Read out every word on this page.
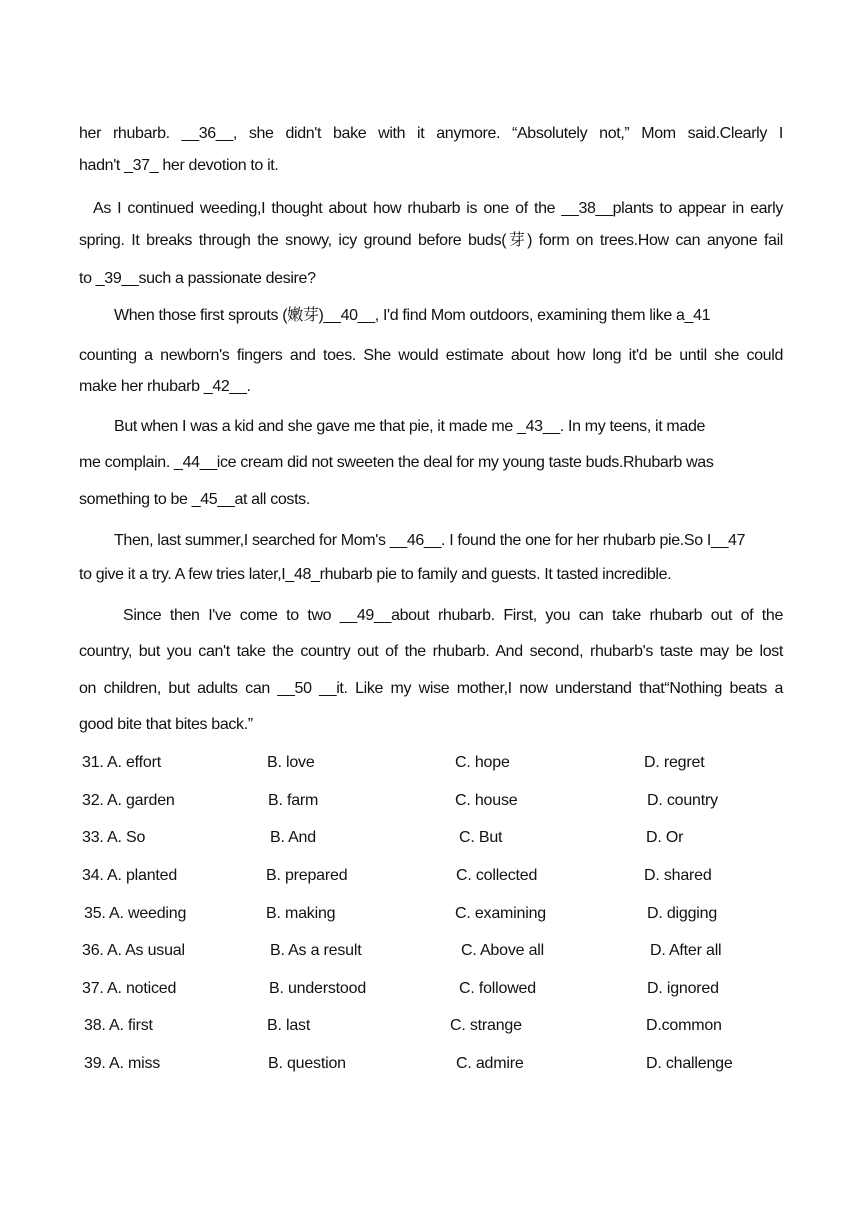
her rhubarb. __36__, she didn't bake with it anymore. “Absolutely not,” Mom said.Clearly I
hadn't _37_ her devotion to it.
As I continued weeding,I thought about how rhubarb is one of the __38__plants to appear in early
spring. It breaks through the snowy, icy ground before buds(芽) form on trees.How can anyone fail
to _39__such a passionate desire?
When those first sprouts (嫩芽)__40__, I'd find Mom outdoors, examining them like a_41
counting a newborn's fingers and toes. She would estimate about how long it'd be until she could
make her rhubarb _42__.
But when I was a kid and she gave me that pie, it made me _43__. In my teens, it made
me complain. _44__ice cream did not sweeten the deal for my young taste buds.Rhubarb was
something to be _45__at all costs.
Then, last summer,I searched for Mom's __46__. I found the one for her rhubarb pie.So I__47
to give it a try. A few tries later,I_48_rhubarb pie to family and guests. It tasted incredible.
Since then I've come to two __49__about rhubarb. First, you can take rhubarb out of the
country, but you can't take the country out of the rhubarb. And second, rhubarb's taste may be lost
on children, but adults can __50 __it. Like my wise mother,I now understand that“Nothing beats a
good bite that bites back.”
31. A. effort	B. love	C. hope	D. regret
32. A. garden	B. farm	C. house	D. country
33. A. So	B. And	C. But	D. Or
34. A. planted	B. prepared	C. collected	D. shared
35. A. weeding	B. making	C. examining	D. digging
36. A. As usual	B. As a result	C. Above all	D. After all
37. A. noticed	B. understood	C. followed	D. ignored
38. A. first	B. last	C. strange	D.common
39. A. miss	B. question	C. admire	D. challenge
